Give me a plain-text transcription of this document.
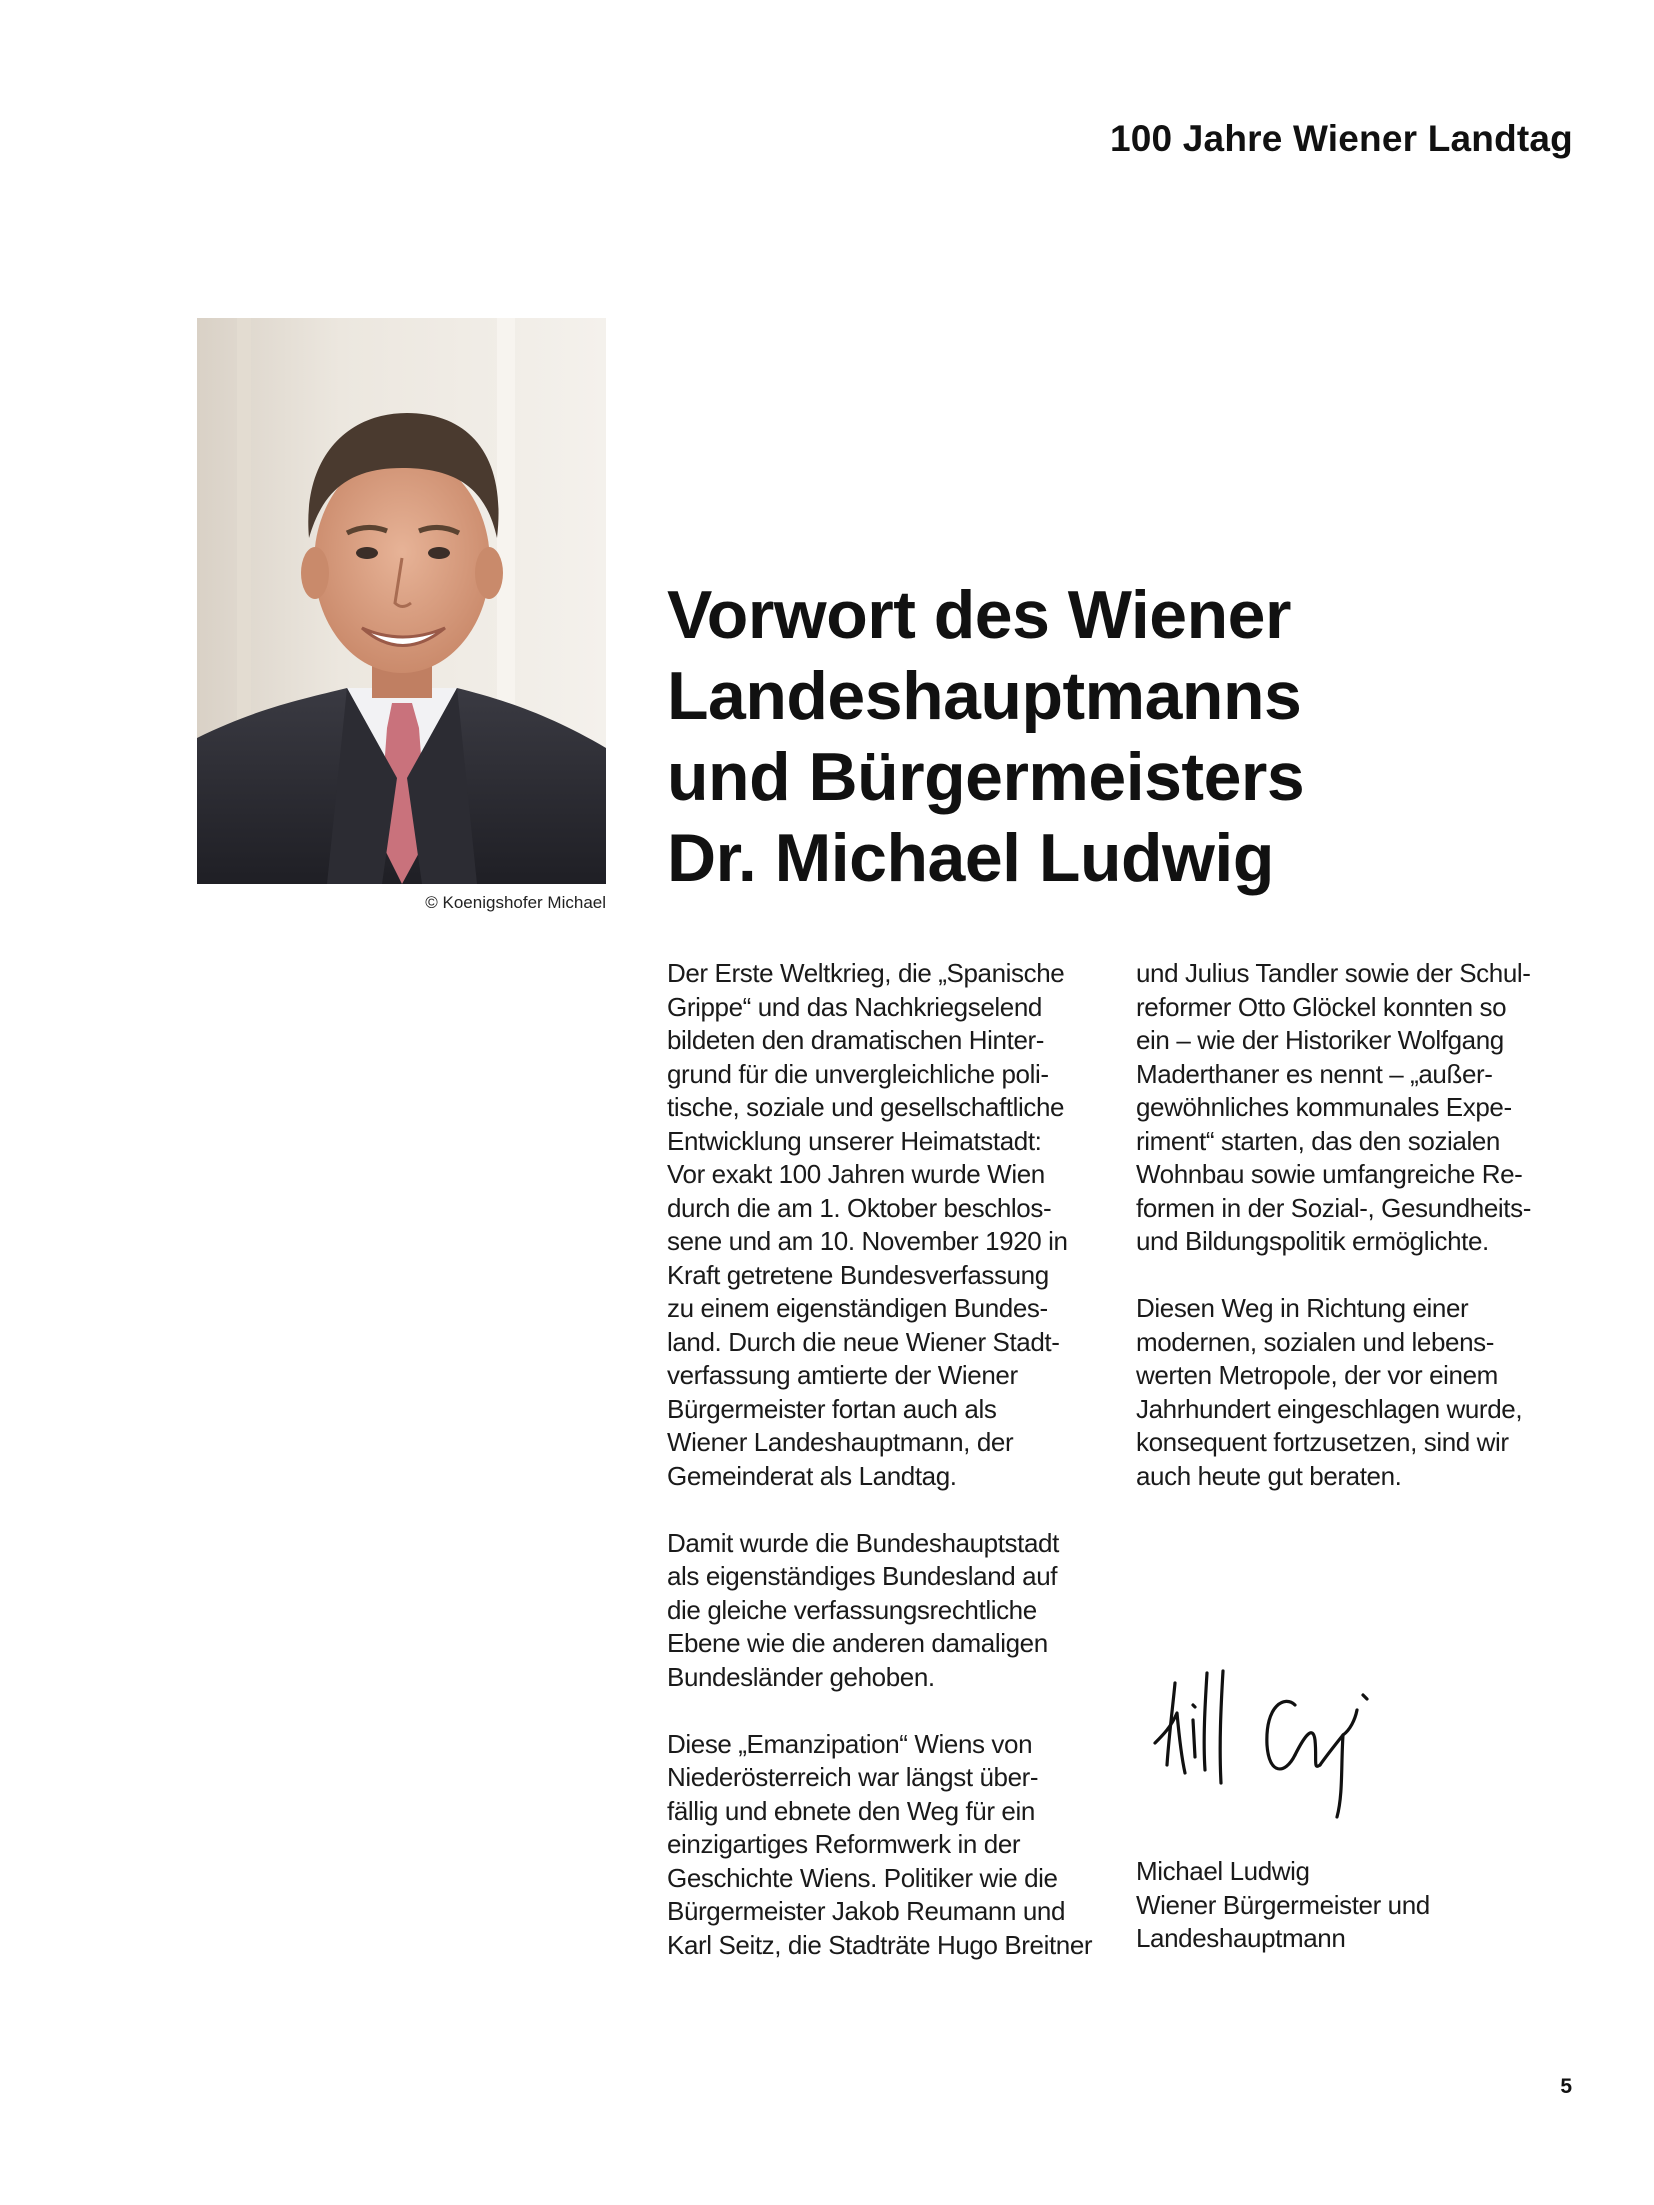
100 Jahre Wiener Landtag
© Koenigshofer Michael
Vorwort des Wiener
Landeshauptmanns
und Bürgermeisters
Dr. Michael Ludwig

Der Erste Weltkrieg, die „Spanische
Grippe“ und das Nachkriegselend
bildeten den dramatischen Hinter-
grund für die unvergleichliche poli-
tische, soziale und gesellschaftliche
Entwicklung unserer Heimatstadt:
Vor exakt 100 Jahren wurde Wien
durch die am 1. Oktober beschlos-
sene und am 10. November 1920 in
Kraft getretene Bundesverfassung
zu einem eigenständigen Bundes-
land. Durch die neue Wiener Stadt-
verfassung amtierte der Wiener
Bürgermeister fortan auch als
Wiener Landeshauptmann, der
Gemeinderat als Landtag.

Damit wurde die Bundeshauptstadt
als eigenständiges Bundesland auf
die gleiche verfassungsrechtliche
Ebene wie die anderen damaligen
Bundesländer gehoben.

Diese „Emanzipation“ Wiens von
Niederösterreich war längst über-
fällig und ebnete den Weg für ein
einzigartiges Reformwerk in der
Geschichte Wiens. Politiker wie die
Bürgermeister Jakob Reumann und
Karl Seitz, die Stadträte Hugo Breitner

und Julius Tandler sowie der Schul-
reformer Otto Glöckel konnten so
ein – wie der Historiker Wolfgang
Maderthaner es nennt – „außer-
gewöhnliches kommunales Expe-
riment“ starten, das den sozialen
Wohnbau sowie umfangreiche Re-
formen in der Sozial-, Gesundheits-
und Bildungspolitik ermöglichte.

Diesen Weg in Richtung einer
modernen, sozialen und lebens-
werten Metropole, der vor einem
Jahrhundert eingeschlagen wurde,
konsequent fortzusetzen, sind wir
auch heute gut beraten.

Michael Ludwig
Wiener Bürgermeister und
Landeshauptmann
5
